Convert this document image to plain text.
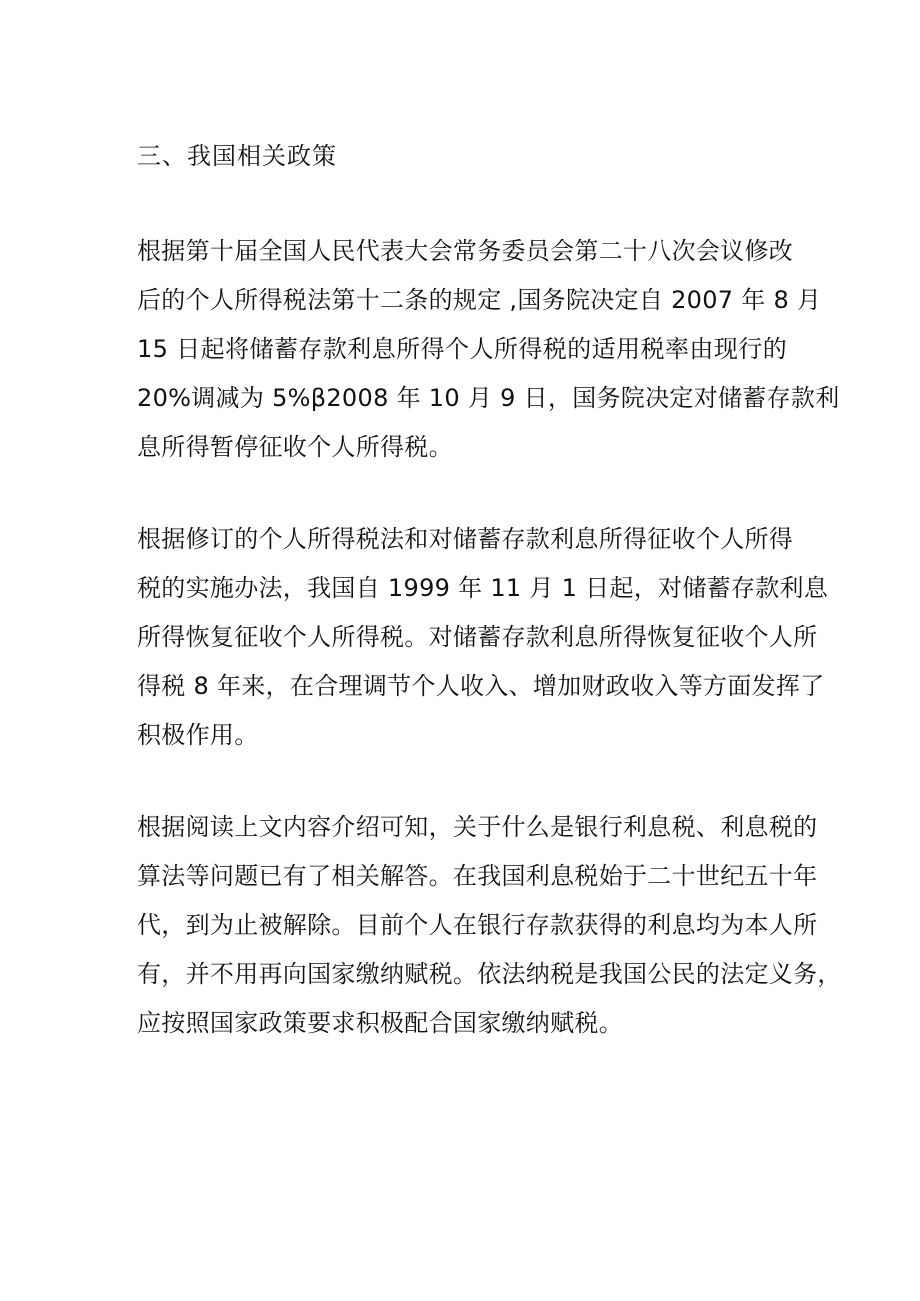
三、我国相关政策
根据第十届全国人民代表大会常务委员会第二十八次会议修改
后的个人所得税法第十二条的规定 ,国务院决定自 2007 年 8 月
15 日起将储蓄存款利息所得个人所得税的适用税率由现行的
20%调减为 5%β2008 年 10 月 9 日，国务院决定对储蓄存款利
息所得暂停征收个人所得税。
根据修订的个人所得税法和对储蓄存款利息所得征收个人所得
税的实施办法，我国自 1999 年 11 月 1 日起，对储蓄存款利息
所得恢复征收个人所得税。对储蓄存款利息所得恢复征收个人所
得税 8 年来，在合理调节个人收入、增加财政收入等方面发挥了
积极作用。
根据阅读上文内容介绍可知，关于什么是银行利息税、利息税的
算法等问题已有了相关解答。在我国利息税始于二十世纪五十年
代，到为止被解除。目前个人在银行存款获得的利息均为本人所
有，并不用再向国家缴纳赋税。依法纳税是我国公民的法定义务，
应按照国家政策要求积极配合国家缴纳赋税。
